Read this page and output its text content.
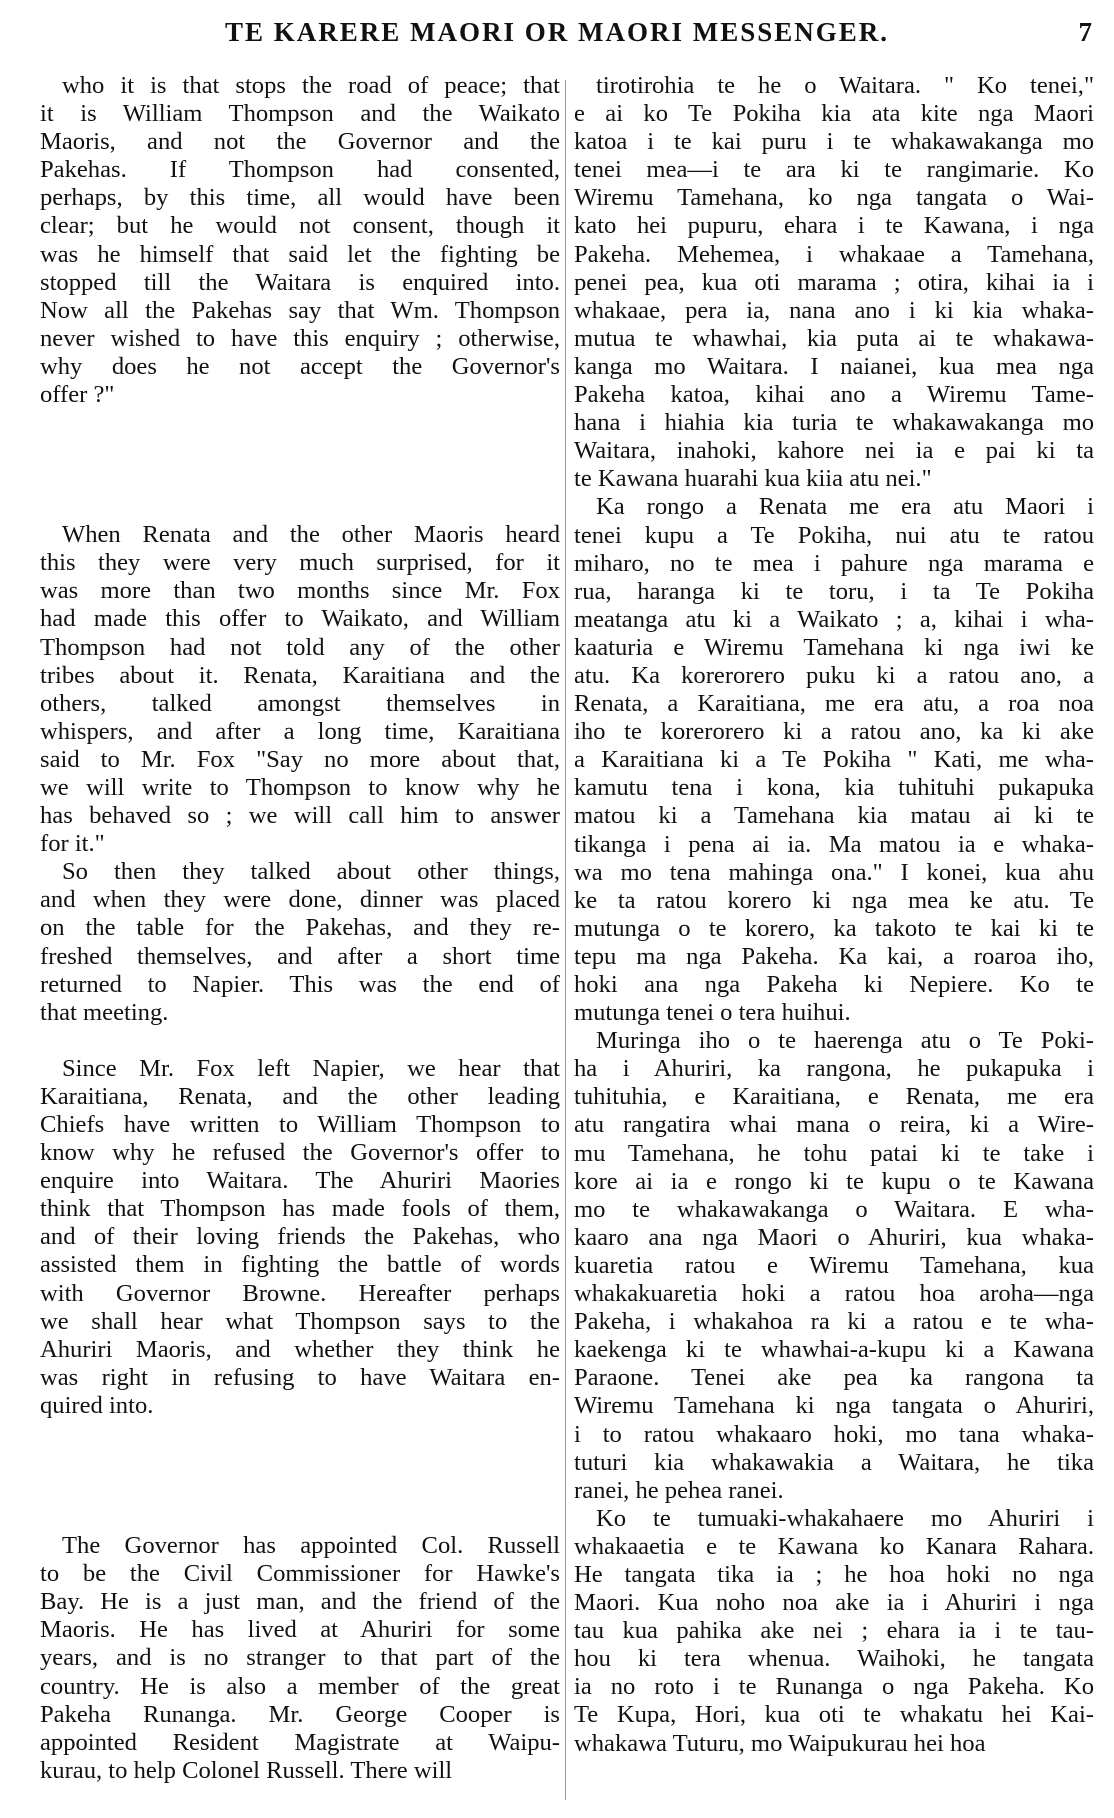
TE KARERE MAORI OR MAORI MESSENGER.	7
who it is that stops the road of peace; that
it is William Thompson and the Waikato
Maoris, and not the Governor and the
Pakehas. If Thompson had consented,
perhaps, by this time, all would have been
clear; but he would not consent, though it
was he himself that said let the fighting be
stopped till the Waitara is enquired into.
Now all the Pakehas say that Wm. Thompson
never wished to have this enquiry ; otherwise,
why does he not accept the Governor's
offer ?"
When Renata and the other Maoris heard
this they were very much surprised, for it
was more than two months since Mr. Fox
had made this offer to Waikato, and William
Thompson had not told any of the other
tribes about it. Renata, Karaitiana and the
others, talked amongst themselves in
whispers, and after a long time, Karaitiana
said to Mr. Fox "Say no more about that,
we will write to Thompson to know why he
has behaved so ; we will call him to answer
for it."
So then they talked about other things,
and when they were done, dinner was placed
on the table for the Pakehas, and they re-
freshed themselves, and after a short time
returned to Napier. This was the end of
that meeting.
Since Mr. Fox left Napier, we hear that
Karaitiana, Renata, and the other leading
Chiefs have written to William Thompson to
know why he refused the Governor's offer to
enquire into Waitara. The Ahuriri Maories
think that Thompson has made fools of them,
and of their loving friends the Pakehas, who
assisted them in fighting the battle of words
with Governor Browne. Hereafter perhaps
we shall hear what Thompson says to the
Ahuriri Maoris, and whether they think he
was right in refusing to have Waitara en-
quired into.
The Governor has appointed Col. Russell
to be the Civil Commissioner for Hawke's
Bay. He is a just man, and the friend of the
Maoris. He has lived at Ahuriri for some
years, and is no stranger to that part of the
country. He is also a member of the great
Pakeha Runanga. Mr. George Cooper is
appointed Resident Magistrate at Waipu-
kurau, to help Colonel Russell. There will
tirotirohia te he o Waitara. " Ko tenei,"
e ai ko Te Pokiha kia ata kite nga Maori
katoa i te kai puru i te whakawakanga mo
tenei mea—i te ara ki te rangimarie. Ko
Wiremu Tamehana, ko nga tangata o Wai-
kato hei pupuru, ehara i te Kawana, i nga
Pakeha. Mehemea, i whakaae a Tamehana,
penei pea, kua oti marama ; otira, kihai ia i
whakaae, pera ia, nana ano i ki kia whaka-
mutua te whawhai, kia puta ai te whakawa-
kanga mo Waitara. I naianei, kua mea nga
Pakeha katoa, kihai ano a Wiremu Tame-
hana i hiahia kia turia te whakawakanga mo
Waitara, inahoki, kahore nei ia e pai ki ta
te Kawana huarahi kua kiia atu nei."
Ka rongo a Renata me era atu Maori i
tenei kupu a Te Pokiha, nui atu te ratou
miharo, no te mea i pahure nga marama e
rua, haranga ki te toru, i ta Te Pokiha
meatanga atu ki a Waikato ; a, kihai i wha-
kaaturia e Wiremu Tamehana ki nga iwi ke
atu. Ka korerorero puku ki a ratou ano, a
Renata, a Karaitiana, me era atu, a roa noa
iho te korerorero ki a ratou ano, ka ki ake
a Karaitiana ki a Te Pokiha " Kati, me wha-
kamutu tena i kona, kia tuhituhi pukapuka
matou ki a Tamehana kia matau ai ki te
tikanga i pena ai ia. Ma matou ia e whaka-
wa mo tena mahinga ona." I konei, kua ahu
ke ta ratou korero ki nga mea ke atu. Te
mutunga o te korero, ka takoto te kai ki te
tepu ma nga Pakeha. Ka kai, a roaroa iho,
hoki ana nga Pakeha ki Nepiere. Ko te
mutunga tenei o tera huihui.
Muringa iho o te haerenga atu o Te Poki-
ha i Ahuriri, ka rangona, he pukapuka i
tuhituhia, e Karaitiana, e Renata, me era
atu rangatira whai mana o reira, ki a Wire-
mu Tamehana, he tohu patai ki te take i
kore ai ia e rongo ki te kupu o te Kawana
mo te whakawakanga o Waitara. E wha-
kaaro ana nga Maori o Ahuriri, kua whaka-
kuaretia ratou e Wiremu Tamehana, kua
whakakuaretia hoki a ratou hoa aroha—nga
Pakeha, i whakahoa ra ki a ratou e te wha-
kaekenga ki te whawhai-a-kupu ki a Kawana
Paraone. Tenei ake pea ka rangona ta
Wiremu Tamehana ki nga tangata o Ahuriri,
i to ratou whakaaro hoki, mo tana whaka-
tuturi kia whakawakia a Waitara, he tika
ranei, he pehea ranei.
Ko te tumuaki-whakahaere mo Ahuriri i
whakaaetia e te Kawana ko Kanara Rahara.
He tangata tika ia ; he hoa hoki no nga
Maori. Kua noho noa ake ia i Ahuriri i nga
tau kua pahika ake nei ; ehara ia i te tau-
hou ki tera whenua. Waihoki, he tangata
ia no roto i te Runanga o nga Pakeha. Ko
Te Kupa, Hori, kua oti te whakatu hei Kai-
whakawa Tuturu, mo Waipukurau hei hoa
